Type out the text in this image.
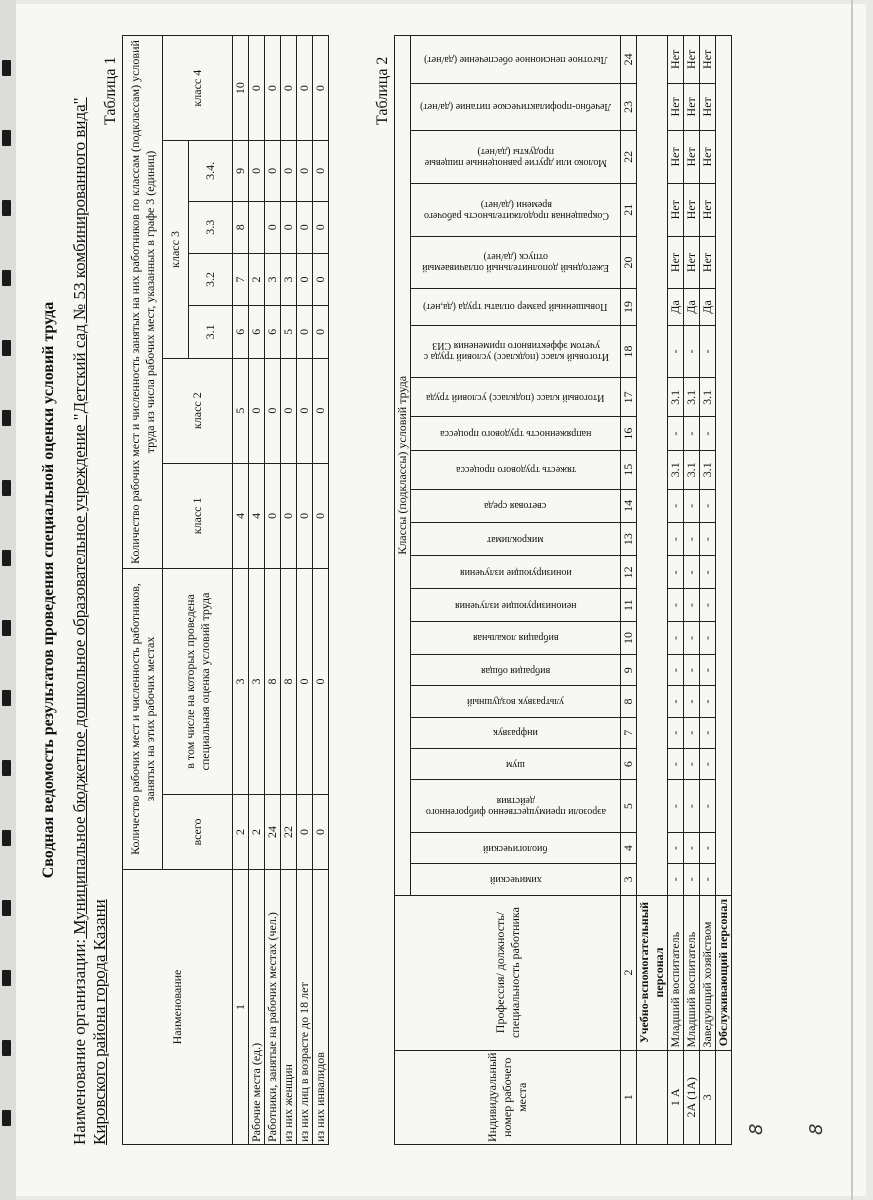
Сводная ведомость результатов проведения специальной оценки условий труда
Наименование организации: Муниципальное бюджетное дошкольное образовательное учреждение "Детский сад № 53 комбинированного вида"
Кировского района города Казани
Таблица 1
Наименование	Количество рабочих мест и численность работников, занятых на этих рабочих местах		Количество рабочих мест и численность занятых на них работников по классам (подклассам) условий труда из числа рабочих мест, указанных в графе 3 (единиц)						
	всего	в том числе на которых проведена специальная оценка условий труда	класс 1	класс 2	класс 3				класс 4
					3.1	3.2	3.3	3.4.	
1	2	3	4	5	6	7	8	9	10
Рабочие места (ед.)	2	3	4	0	6	2		0	0
Работники, занятые на рабочих местах (чел.)	24	8	0	0	6	3	0	0	0
из них женщин	22	8	0	0	5	3	0	0	0
из них лиц в возрасте до 18 лет	0	0	0	0	0	0	0	0	0
из них инвалидов	0	0	0	0	0	0	0	0	0	Таблица 2
Индивидуальный номер рабочего места	Профессия/ должность/ специальность работника	Классы (подклассы) условий труда																					

		химический	биологический	аэрозоли преимущественно фиброгенного действия	шум	инфразвук	ультразвук воздушный	вибрация общая	вибрация локальная	неионизирующие излучения	ионизирующие излучения	микроклимат	световая среда	тяжесть трудового процесса	напряженность трудового процесса	Итоговый класс (подкласс) условий труда	Итоговый класс (подкласс) условий труда с учетом эффективного применения СИЗ	Повышенный размер оплаты труда (да,нет)	Ежегодный дополнительный оплачиваемый отпуск (да/нет)	Сокращенная продолжительность рабочего времени (да/нет)	Молоко или другие равноценные пищевые продукты (да/нет)	Лечебно-профилактическое питание (да/нет)	Льготное пенсионное обеспечение (да/нет)

1	2	3	4	5	6	7	8	9	10	11	12	13	14	15	16	17	18	19	20	21	22	23	24
	Учебно-вспомогательный персонал																						
1 А	Младший воспитатель	-	-	-	-	-	-	-	-	-	-	-	-	3.1	-	3.1	-	Да	Нет	Нет	Нет	Нет	Нет
2А (1А)	Младший воспитатель	-	-	-	-	-	-	-	-	-	-	-	-	3.1	-	3.1	-	Да	Нет	Нет	Нет	Нет	Нет
3	Заведующий хозяйством	-	-	-	-	-	-	-	-	-	-	-	-	3.1	-	3.1	-	Да	Нет	Нет	Нет	Нет	Нет
	Обслуживающий персонал																						
8 8
